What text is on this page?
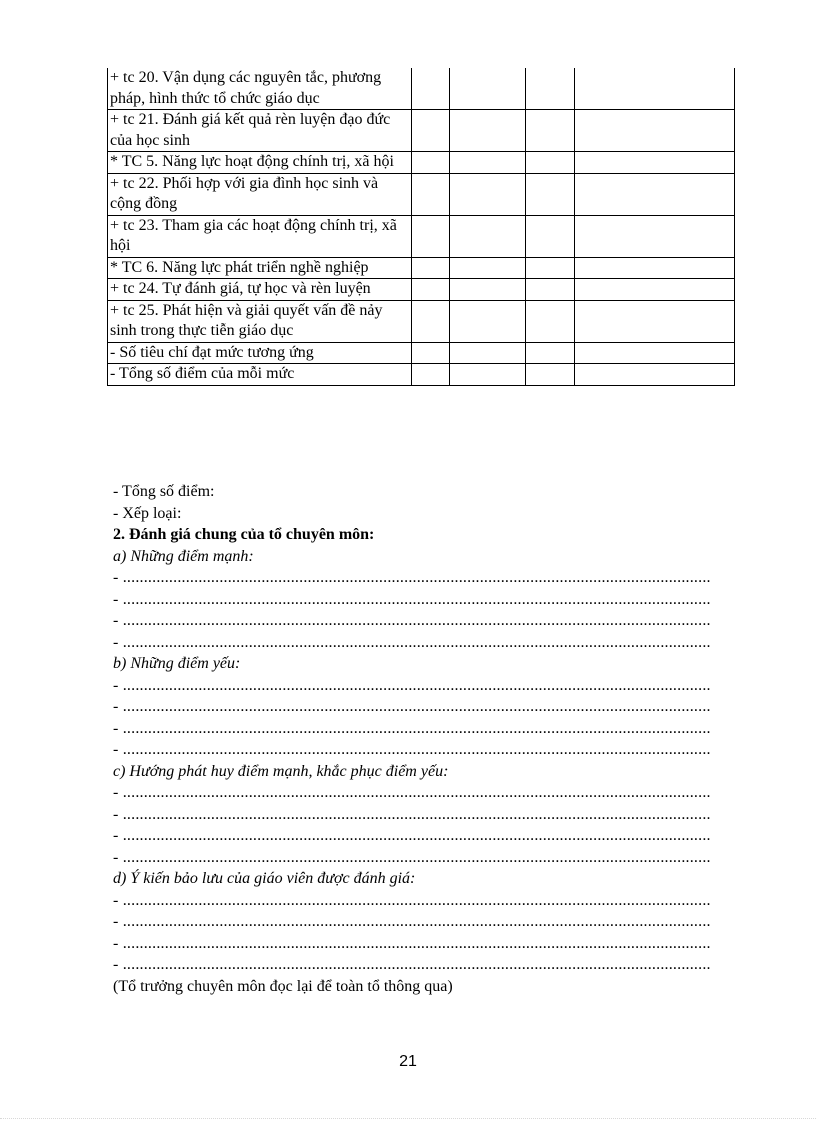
+ tc 20. Vận dụng các nguyên tắc, phương pháp, hình thức tổ chức giáo dục				
+ tc 21. Đánh giá kết quả rèn luyện đạo đức của học sinh				
* TC 5. Năng lực hoạt động chính trị, xã hội				
+ tc 22. Phối hợp với gia đình học sinh và cộng đồng				
+ tc 23. Tham gia các hoạt động chính trị, xã hội				
* TC 6. Năng lực phát triển nghề nghiệp				
+ tc 24. Tự đánh giá, tự học và rèn luyện				
+ tc 25. Phát hiện và giải quyết vấn đề nảy sinh trong thực tiễn giáo dục				
- Số tiêu chí đạt mức tương ứng				
- Tổng số điểm của mỗi mức				
- Tổng số điểm:
- Xếp loại:
2. Đánh giá chung của tổ chuyên môn:
a) Những điểm mạnh:
- ............................................................................................................................................
- ............................................................................................................................................
- ............................................................................................................................................
- ............................................................................................................................................
b) Những điểm yếu:
- ............................................................................................................................................
- ............................................................................................................................................
- ............................................................................................................................................
- ............................................................................................................................................
c) Hướng phát huy điểm mạnh, khắc phục điểm yếu:
- ............................................................................................................................................
- ............................................................................................................................................
- ............................................................................................................................................
- ............................................................................................................................................
d) Ý kiến bảo lưu của giáo viên được đánh giá:
- ............................................................................................................................................
- ............................................................................................................................................
- ............................................................................................................................................
- ............................................................................................................................................
(Tổ trưởng chuyên môn đọc lại để toàn tổ thông qua)
21
